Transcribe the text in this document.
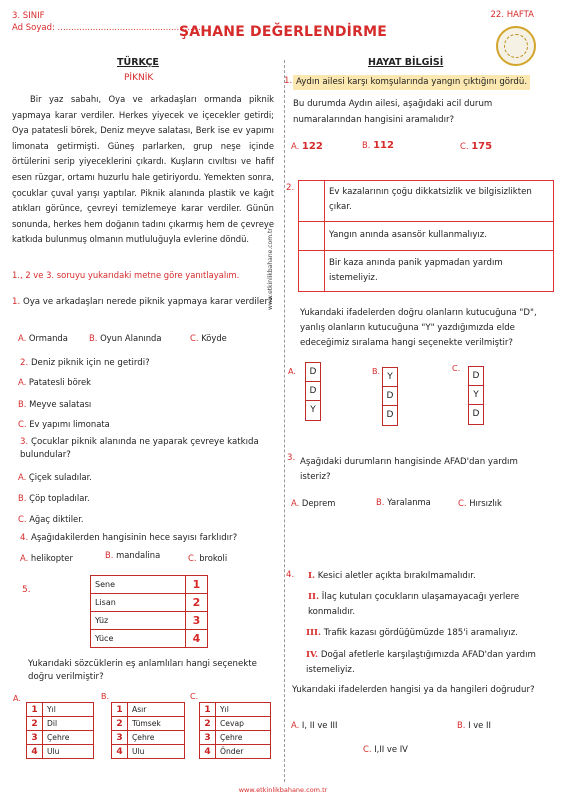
3. SINIF
Ad Soyad: ......................................................
22. HAFTA
ŞAHANE DEĞERLENDİRME
www.etkinlikbahane.com.tr
TÜRKÇE
PİKNİK
Bir yaz sabahı, Oya ve arkadaşları ormanda piknik yapmaya karar verdiler. Herkes yiyecek ve içecekler getirdi; Oya patatesli börek, Deniz meyve salatası, Berk ise ev yapımı limonata getirmişti. Güneş parlarken, grup neşe içinde örtülerini serip yiyeceklerini çıkardı. Kuşların cıvıltısı ve hafif esen rüzgar, ortamı huzurlu hale getiriyordu. Yemekten sonra, çocuklar çuval yarışı yaptılar. Piknik alanında plastik ve kağıt atıkları görünce, çevreyi temizlemeye karar verdiler. Günün sonunda, herkes hem doğanın tadını çıkarmış hem de çevreye katkıda bulunmuş olmanın mutluluğuyla evlerine döndü.
1., 2 ve 3. soruyu yukarıdaki metne göre yanıtlayalım.
1. Oya ve arkadaşları nerede piknik yapmaya karar verdiler?
A. Ormanda	B. Oyun Alanında	C. Köyde
2. Deniz piknik için ne getirdi?
A. Patatesli börek
B. Meyve salatası
C. Ev yapımı limonata
3. Çocuklar piknik alanında ne yaparak çevreye katkıda bulundular?
A. Çiçek suladılar.
B. Çöp topladılar.
C. Ağaç diktiler.
4. Aşağıdakilerden hangisinin hece sayısı farklıdır?
A. helikopter	B. mandalina	C. brokoli
5.
Sene	1
Lisan	2
Yüz	3
Yüce	4
Yukarıdaki sözcüklerin eş anlamlıları hangi seçenekte doğru verilmiştir?
A.
1	Yıl
2	Dil
3	Çehre
4	Ulu
B.
1	Asır
2	Tümsek
3	Çehre
4	Ulu
C.
1	Yıl
2	Cevap
3	Çehre
4	Önder
HAYAT BİLGİSİ
1. Aydın ailesi karşı komşularında yangın çıktığını gördü.
Bu durumda Aydın ailesi, aşağıdaki acil durum numaralarından hangisini aramalıdır?
A. 122	B. 112	C. 175
2.	Ev kazalarının çoğu dikkatsizlik ve bilgisizlikten çıkar.
Yangın anında asansör kullanmalıyız.
Bir kaza anında panik yapmadan yardım istemeliyiz.
Yukarıdaki ifadelerden doğru olanların kutucuğuna "D", yanlış olanların kutucuğuna "Y" yazdığımızda elde edeceğimiz sıralama hangi seçenekte verilmiştir?
A.	D
D
Y
B.
Y
D
D
C.
D
Y
D
3. Aşağıdaki durumların hangisinde AFAD'dan yardım isteriz?
A. Deprem	B. Yaralanma	C. Hırsızlık
4. I. Kesici aletler açıkta bırakılmamalıdır.
II. İlaç kutuları çocukların ulaşamayacağı yerlere konmalıdır.
III. Trafik kazası gördüğümüzde 185'i aramalıyız.
IV. Doğal afetlerle karşılaştığımızda AFAD'dan yardım istemeliyiz.
Yukarıdaki ifadelerden hangisi ya da hangileri doğrudur?
A. I, II ve III	B. I ve II
C. I,II ve IV
www.etkinlikbahane.com.tr
